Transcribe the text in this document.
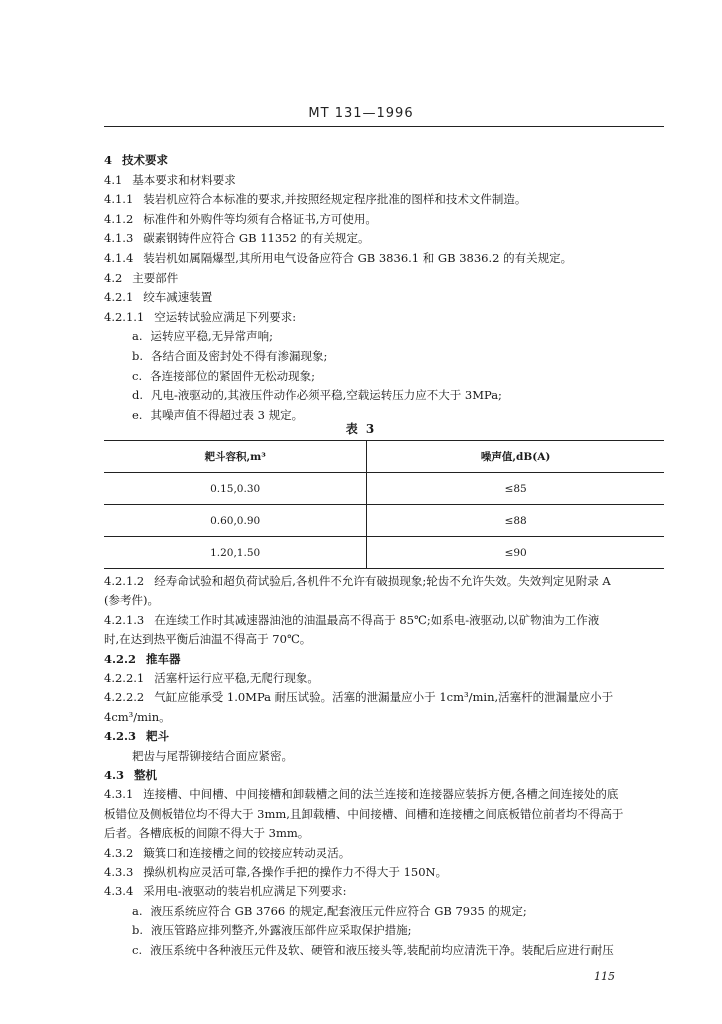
MT 131—1996
4 技术要求
4.1 基本要求和材料要求
4.1.1 装岩机应符合本标准的要求,并按照经规定程序批准的图样和技术文件制造。
4.1.2 标准件和外购件等均须有合格证书,方可使用。
4.1.3 碳素钢铸件应符合 GB 11352 的有关规定。
4.1.4 装岩机如属隔爆型,其所用电气设备应符合 GB 3836.1 和 GB 3836.2 的有关规定。
4.2 主要部件
4.2.1 绞车减速装置
4.2.1.1 空运转试验应满足下列要求:
a. 运转应平稳,无异常声响;
b. 各结合面及密封处不得有渗漏现象;
c. 各连接部位的紧固件无松动现象;
d. 凡电-液驱动的,其液压件动作必须平稳,空载运转压力应不大于 3MPa;
e. 其噪声值不得超过表 3 规定。
表 3
耙斗容积,m³	噪声值,dB(A)
0.15,0.30	≤85
0.60,0.90	≤88
1.20,1.50	≤90
4.2.1.2 经寿命试验和超负荷试验后,各机件不允许有破损现象;轮齿不允许失效。失效判定见附录 A
(参考件)。
4.2.1.3 在连续工作时其减速器油池的油温最高不得高于 85℃;如系电-液驱动,以矿物油为工作液
时,在达到热平衡后油温不得高于 70℃。
4.2.2 推车器
4.2.2.1 活塞杆运行应平稳,无爬行现象。
4.2.2.2 气缸应能承受 1.0MPa 耐压试验。活塞的泄漏量应小于 1cm³/min,活塞杆的泄漏量应小于
4cm³/min。
4.2.3 耙斗
耙齿与尾帮铆接结合面应紧密。
4.3 整机
4.3.1 连接槽、中间槽、中间接槽和卸载槽之间的法兰连接和连接器应装拆方便,各槽之间连接处的底
板错位及侧板错位均不得大于 3mm,且卸载槽、中间接槽、间槽和连接槽之间底板错位前者均不得高于
后者。各槽底板的间隙不得大于 3mm。
4.3.2 簸箕口和连接槽之间的铰接应转动灵活。
4.3.3 操纵机构应灵活可靠,各操作手把的操作力不得大于 150N。
4.3.4 采用电-液驱动的装岩机应满足下列要求:
a. 液压系统应符合 GB 3766 的规定,配套液压元件应符合 GB 7935 的规定;
b. 液压管路应排列整齐,外露液压部件应采取保护措施;
c. 液压系统中各种液压元件及软、硬管和液压接头等,装配前均应清洗干净。装配后应进行耐压
115
